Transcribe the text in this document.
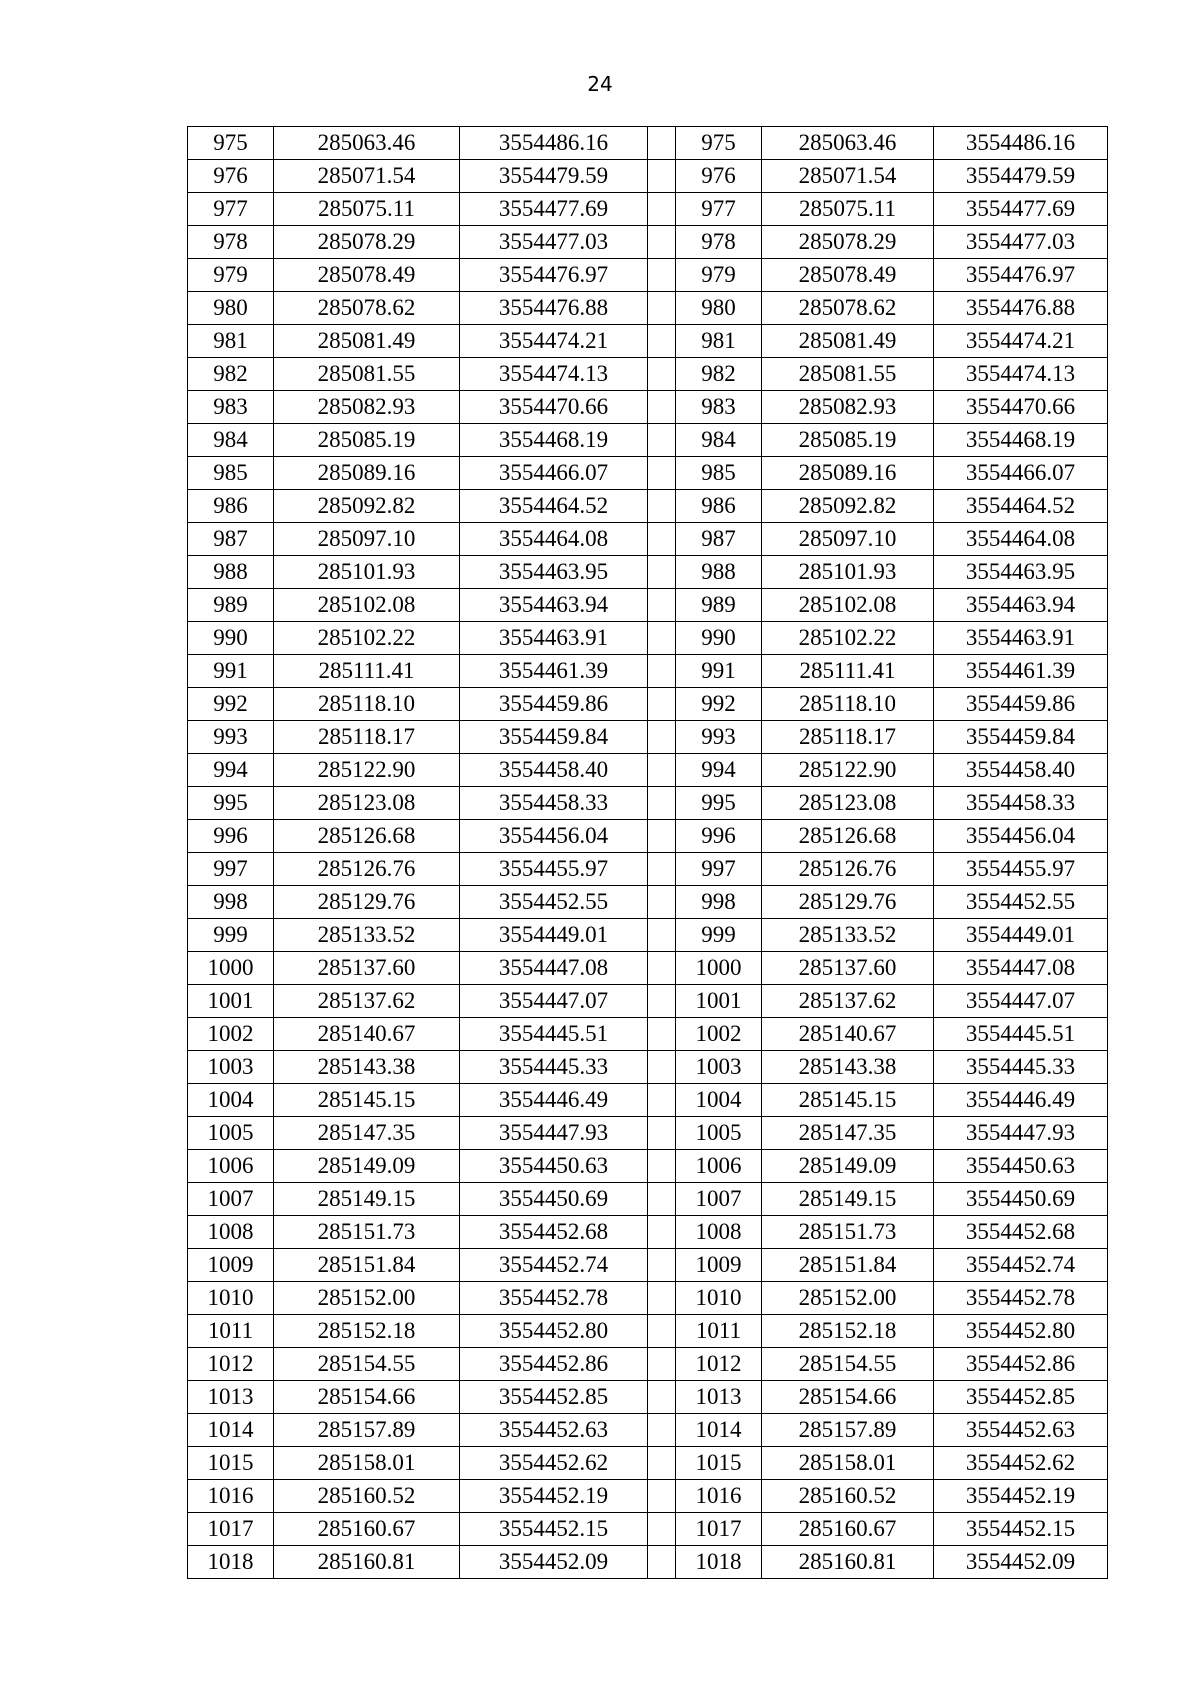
24
975	285063.46	3554486.16		975	285063.46	3554486.16
976	285071.54	3554479.59		976	285071.54	3554479.59
977	285075.11	3554477.69		977	285075.11	3554477.69
978	285078.29	3554477.03		978	285078.29	3554477.03
979	285078.49	3554476.97		979	285078.49	3554476.97
980	285078.62	3554476.88		980	285078.62	3554476.88
981	285081.49	3554474.21		981	285081.49	3554474.21
982	285081.55	3554474.13		982	285081.55	3554474.13
983	285082.93	3554470.66		983	285082.93	3554470.66
984	285085.19	3554468.19		984	285085.19	3554468.19
985	285089.16	3554466.07		985	285089.16	3554466.07
986	285092.82	3554464.52		986	285092.82	3554464.52
987	285097.10	3554464.08		987	285097.10	3554464.08
988	285101.93	3554463.95		988	285101.93	3554463.95
989	285102.08	3554463.94		989	285102.08	3554463.94
990	285102.22	3554463.91		990	285102.22	3554463.91
991	285111.41	3554461.39		991	285111.41	3554461.39
992	285118.10	3554459.86		992	285118.10	3554459.86
993	285118.17	3554459.84		993	285118.17	3554459.84
994	285122.90	3554458.40		994	285122.90	3554458.40
995	285123.08	3554458.33		995	285123.08	3554458.33
996	285126.68	3554456.04		996	285126.68	3554456.04
997	285126.76	3554455.97		997	285126.76	3554455.97
998	285129.76	3554452.55		998	285129.76	3554452.55
999	285133.52	3554449.01		999	285133.52	3554449.01
1000	285137.60	3554447.08		1000	285137.60	3554447.08
1001	285137.62	3554447.07		1001	285137.62	3554447.07
1002	285140.67	3554445.51		1002	285140.67	3554445.51
1003	285143.38	3554445.33		1003	285143.38	3554445.33
1004	285145.15	3554446.49		1004	285145.15	3554446.49
1005	285147.35	3554447.93		1005	285147.35	3554447.93
1006	285149.09	3554450.63		1006	285149.09	3554450.63
1007	285149.15	3554450.69		1007	285149.15	3554450.69
1008	285151.73	3554452.68		1008	285151.73	3554452.68
1009	285151.84	3554452.74		1009	285151.84	3554452.74
1010	285152.00	3554452.78		1010	285152.00	3554452.78
1011	285152.18	3554452.80		1011	285152.18	3554452.80
1012	285154.55	3554452.86		1012	285154.55	3554452.86
1013	285154.66	3554452.85		1013	285154.66	3554452.85
1014	285157.89	3554452.63		1014	285157.89	3554452.63
1015	285158.01	3554452.62		1015	285158.01	3554452.62
1016	285160.52	3554452.19		1016	285160.52	3554452.19
1017	285160.67	3554452.15		1017	285160.67	3554452.15
1018	285160.81	3554452.09		1018	285160.81	3554452.09
